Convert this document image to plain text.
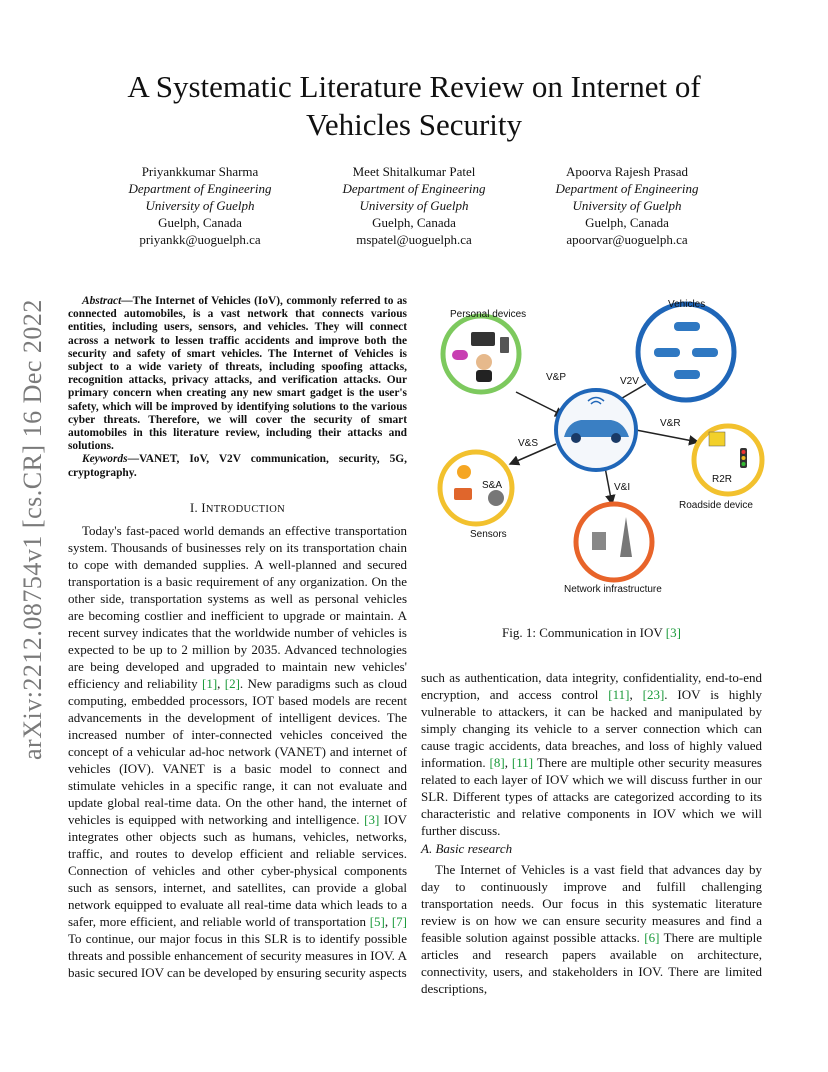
A Systematic Literature Review on Internet of
Vehicles Security
Priyankkumar Sharma
Department of Engineering
University of Guelph
Guelph, Canada
priyankk@uoguelph.ca
Meet Shitalkumar Patel
Department of Engineering
University of Guelph
Guelph, Canada
mspatel@uoguelph.ca
Apoorva Rajesh Prasad
Department of Engineering
University of Guelph
Guelph, Canada
apoorvar@uoguelph.ca
arXiv:2212.08754v1 [cs.CR] 16 Dec 2022	Abstract—The Internet of Vehicles (IoV), commonly referred to as connected automobiles, is a vast network that connects various entities, including users, sensors, and vehicles. They will connect across a network to lessen traffic accidents and improve both the security and safety of smart vehicles. The Internet of Vehicles is subject to a wide variety of threats, including spoofing attacks, recognition attacks, privacy attacks, and verification attacks. Our primary concern when creating any new smart gadget is the user's safety, which will be improved by identifying solutions to the various cyber threats. Therefore, we will cover the security of smart automobiles in this literature review, including their attacks and solutions.

Keywords—VANET, IoV, V2V communication, security, 5G, cryptography.

I. INTRODUCTION

Today's fast-paced world demands an effective transportation system. Thousands of businesses rely on its transportation chain to cope with demanded supplies. A well-planned and secured transportation is a basic requirement of any organization. On the other side, transportation systems as well as personal vehicles are becoming costlier and inefficient to upgrade or maintain. A recent survey indicates that the worldwide number of vehicles is expected to be up to 2 million by 2035. Advanced technologies are being developed and upgraded to maintain new vehicles' efficiency and reliability [1], [2]. New paradigms such as cloud computing, embedded processors, IOT based models are recent advancements in the development of intelligent devices. The increased number of inter-connected vehicles conceived the concept of a vehicular ad-hoc network (VANET) and internet of vehicles (IOV). VANET is a basic model to connect and stimulate vehicles in a specific range, it can not evaluate and update global real-time data. On the other hand, the internet of vehicles is equipped with networking and intelligence. [3] IOV integrates other objects such as humans, vehicles, networks, traffic, and routes to develop efficient and reliable services. Connection of vehicles and other cyber-physical components such as sensors, internet, and satellites, can provide a global network equipped to evaluate all real-time data which leads to a safer, more efficient, and reliable world of transportation [5], [7] To continue, our major focus in this SLR is to identify possible threats and possible enhancement of security measures in IOV. A basic secured IOV can be developed by ensuring security aspects

Personal devices
Vehicles
S&A
Sensors
R2R
Roadside device
Network infrastructure
V&P	V2V
V&R
V&S
V&I
Fig. 1: Communication in IOV [3]

such as authentication, data integrity, confidentiality, end-to-end encryption, and access control [11], [23]. IOV is highly vulnerable to attackers, it can be hacked and manipulated by simply changing its vehicle to a server connection which can cause tragic accidents, data breaches, and loss of highly valued information. [8], [11] There are multiple other security measures related to each layer of IOV which we will discuss further in our SLR. Different types of attacks are categorized according to its characteristic and relative components in IOV which we will further discuss.

A. Basic research

The Internet of Vehicles is a vast field that advances day by day to continuously improve and fulfill challenging transportation needs. Our focus in this systematic literature review is on how we can ensure security measures and find a feasible solution against possible attacks. [6] There are multiple articles and research papers available on architecture, connectivity, users, and stakeholders in IOV. There are limited descriptions,
